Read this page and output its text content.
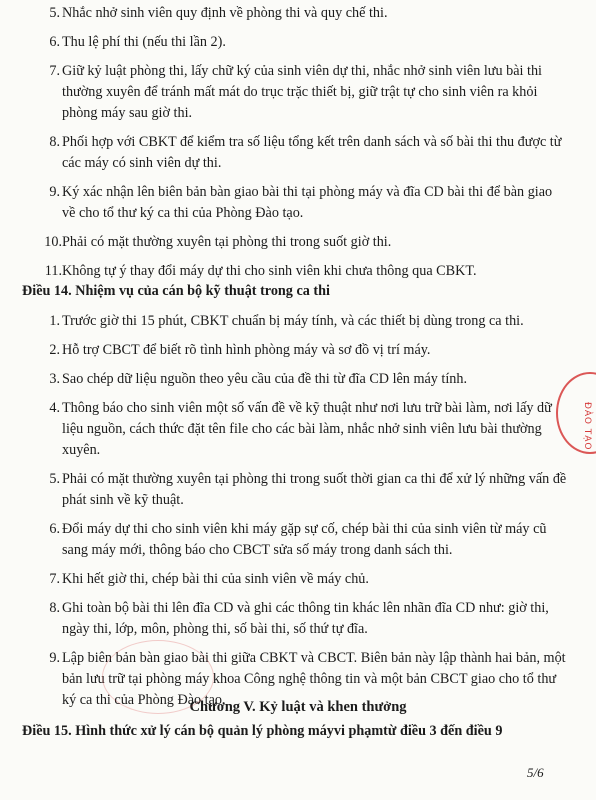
5. Nhắc nhở sinh viên quy định về phòng thi và quy chế thi.
6. Thu lệ phí thi (nếu thi lần 2).
7. Giữ kỷ luật phòng thi, lấy chữ ký của sinh viên dự thi, nhắc nhở sinh viên lưu bài thi thường xuyên để tránh mất mát do trục trặc thiết bị, giữ trật tự cho sinh viên ra khỏi phòng máy sau giờ thi.
8. Phối hợp với CBKT để kiểm tra số liệu tổng kết trên danh sách và số bài thi thu được từ các máy có sinh viên dự thi.
9. Ký xác nhận lên biên bản bàn giao bài thi tại phòng máy và đĩa CD bài thi để bàn giao về cho tổ thư ký ca thi của Phòng Đào tạo.
10. Phải có mặt thường xuyên tại phòng thi trong suốt giờ thi.
11. Không tự ý thay đổi máy dự thi cho sinh viên khi chưa thông qua CBKT.
Điều 14. Nhiệm vụ của cán bộ kỹ thuật trong ca thi
1. Trước giờ thi 15 phút, CBKT chuẩn bị máy tính, và các thiết bị dùng trong ca thi.
2. Hỗ trợ CBCT để biết rõ tình hình phòng máy và sơ đồ vị trí máy.
3. Sao chép dữ liệu nguồn theo yêu cầu của đề thi từ đĩa CD lên máy tính.
4. Thông báo cho sinh viên một số vấn đề về kỹ thuật như nơi lưu trữ bài làm, nơi lấy dữ liệu nguồn, cách thức đặt tên file cho các bài làm, nhắc nhở sinh viên lưu bài thường xuyên.
5. Phải có mặt thường xuyên tại phòng thi trong suốt thời gian ca thi để xử lý những vấn đề phát sinh về kỹ thuật.
6. Đổi máy dự thi cho sinh viên khi máy gặp sự cố, chép bài thi của sinh viên từ máy cũ sang máy mới, thông báo cho CBCT sửa số máy trong danh sách thi.
7. Khi hết giờ thi, chép bài thi của sinh viên về máy chủ.
8. Ghi toàn bộ bài thi lên đĩa CD và ghi các thông tin khác lên nhãn đĩa CD như: giờ thi, ngày thi, lớp, môn, phòng thi, số bài thi, số thứ tự đĩa.
9. Lập biên bản bàn giao bài thi giữa CBKT và CBCT. Biên bản này lập thành hai bản, một bản lưu trữ tại phòng máy khoa Công nghệ thông tin và một bản CBCT giao cho tổ thư ký ca thi của Phòng Đào tạo.
Chương V. Kỷ luật và khen thưởng
Điều 15. Hình thức xử lý cán bộ quản lý phòng máyvi phạmtừ điều 3 đến điều 9
5/6
ĐÀO TẠO
